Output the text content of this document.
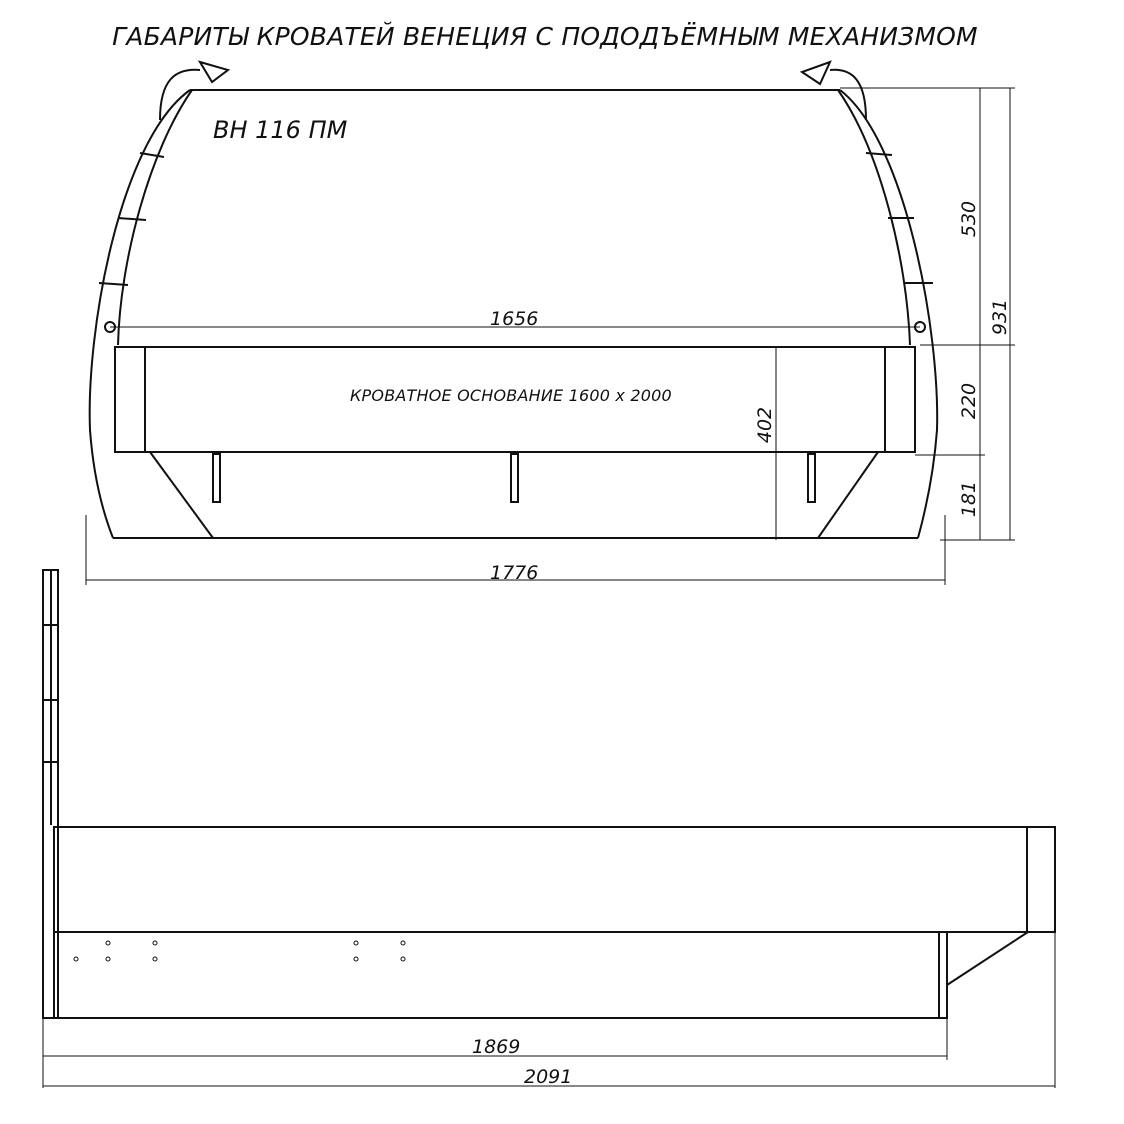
ГАБАРИТЫ КРОВАТЕЙ ВЕНЕЦИЯ С ПОДОДЪЁМНЫМ МЕХАНИЗМОМ
ВН 116 ПМ
1656
1776
КРОВАТНОЕ ОСНОВАНИЕ 1600 х 2000
402
530
220
181
931
1869
2091
